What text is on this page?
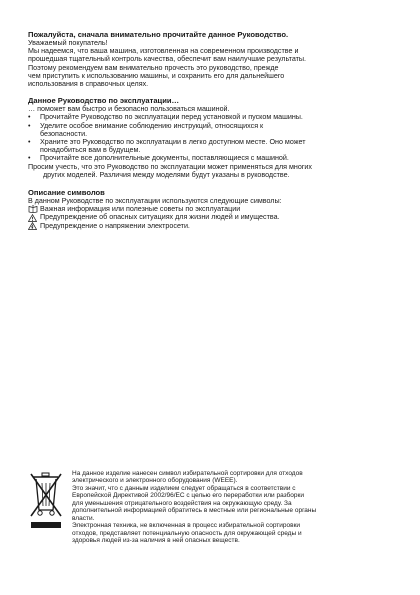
Пожалуйста, сначала внимательно прочитайте данное Руководство.

Уважаемый покупатель!

Мы надеемся, что ваша машина, изготовленная на современном производстве и

прошедшая тщательный контроль качества, обеспечит вам наилучшие результаты.

Поэтому рекомендуем вам внимательно прочесть это руководство, прежде

чем приступить к использованию машины, и сохранить его для дальнейшего

использования в справочных целях.

Данное Руководство по эксплуатации…

… поможет вам быстро и безопасно пользоваться машиной.

•	Прочитайте Руководство по эксплуатации перед установкой и пуском машины.

•	Уделите особое внимание соблюдению инструкций, относящихся к

безопасности.

•	Храните это Руководство по эксплуатации в легко доступном месте. Оно может

понадобиться вам в будущем.

•	Прочитайте все дополнительные документы, поставляющиеся с машиной.

Просим учесть, что это Руководство по эксплуатации может применяться для многих

других моделей. Различия между моделями будут указаны в руководстве.

Описание символов

В данном Руководстве по эксплуатации используются следующие символы:

Важная информация или полезные советы по эксплуатации
Предупреждение об опасных ситуациях для жизни людей и имущества.
Предупреждение о напряжении электросети.

На данное изделие нанесен символ избирательной сортировки для отходов

электрического и электронного оборудования (WEEE).

Это значит, что с данным изделием следует обращаться в соответствии с

Европейской Директивой 2002/96/EC с целью его переработки или разборки

для уменьшения отрицательного воздействия на окружающую среду. За

дополнительной информацией обратитесь в местные или региональные органы

власти.

Электронная техника, не включенная в процесс избирательной сортировки

отходов, представляет потенциальную опасность для окружающей среды и

здоровья людей из-за наличия в ней опасных веществ.
